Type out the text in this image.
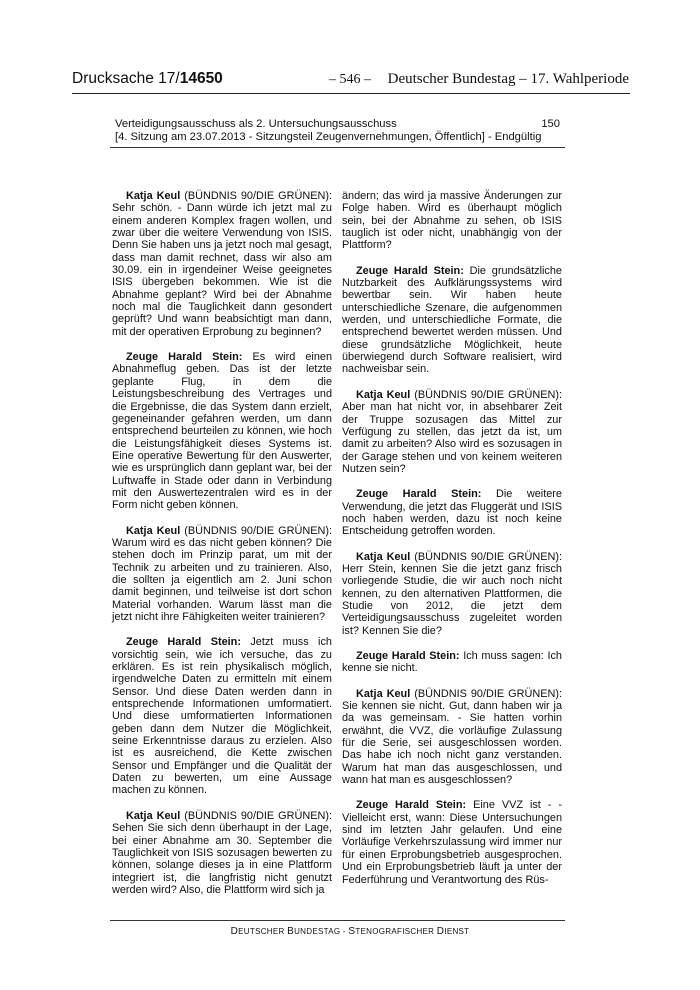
Drucksache 17/14650	– 546 –	Deutscher Bundestag – 17. Wahlperiode
Verteidigungsausschuss als 2. Untersuchungsausschuss	150
[4. Sitzung am 23.07.2013 - Sitzungsteil Zeugenvernehmungen, Öffentlich] - Endgültig

Katja Keul (BÜNDNIS 90/DIE GRÜNEN): Sehr schön. - Dann würde ich jetzt mal zu einem anderen Komplex fragen wollen, und zwar über die weitere Verwendung von ISIS. Denn Sie haben uns ja jetzt noch mal gesagt, dass man damit rechnet, dass wir also am 30.09. ein in irgendeiner Weise geeignetes ISIS übergeben bekommen. Wie ist die Abnahme geplant? Wird bei der Abnahme noch mal die Tauglichkeit dann gesondert geprüft? Und wann beabsichtigt man dann, mit der operativen Erprobung zu beginnen?

Zeuge Harald Stein: Es wird einen Abnahmeflug geben. Das ist der letzte geplante Flug, in dem die Leistungsbeschreibung des Vertrages und die Ergebnisse, die das System dann erzielt, gegeneinander gefahren werden, um dann entsprechend beurteilen zu können, wie hoch die Leistungsfähigkeit dieses Systems ist. Eine operative Bewertung für den Auswerter, wie es ursprünglich dann geplant war, bei der Luftwaffe in Stade oder dann in Verbindung mit den Auswertezentralen wird es in der Form nicht geben können.

Katja Keul (BÜNDNIS 90/DIE GRÜNEN): Warum wird es das nicht geben können? Die stehen doch im Prinzip parat, um mit der Technik zu arbeiten und zu trainieren. Also, die sollten ja eigentlich am 2. Juni schon damit beginnen, und teilweise ist dort schon Material vorhanden. Warum lässt man die jetzt nicht ihre Fähigkeiten weiter trainieren?

Zeuge Harald Stein: Jetzt muss ich vorsichtig sein, wie ich versuche, das zu erklären. Es ist rein physikalisch möglich, irgendwelche Daten zu ermitteln mit einem Sensor. Und diese Daten werden dann in entsprechende Informationen umformatiert. Und diese umformatierten Informationen geben dann dem Nutzer die Möglichkeit, seine Erkenntnisse daraus zu erzielen. Also ist es ausreichend, die Kette zwischen Sensor und Empfänger und die Qualität der Daten zu bewerten, um eine Aussage machen zu können.

Katja Keul (BÜNDNIS 90/DIE GRÜNEN): Sehen Sie sich denn überhaupt in der Lage, bei einer Abnahme am 30. September die Tauglichkeit von ISIS sozusagen bewerten zu können, solange dieses ja in eine Plattform integriert ist, die langfristig nicht genutzt werden wird? Also, die Plattform wird sich ja

ändern; das wird ja massive Änderungen zur Folge haben. Wird es überhaupt möglich sein, bei der Abnahme zu sehen, ob ISIS tauglich ist oder nicht, unabhängig von der Plattform?

Zeuge Harald Stein: Die grundsätzliche Nutzbarkeit des Aufklärungssystems wird bewertbar sein. Wir haben heute unterschiedliche Szenare, die aufgenommen werden, und unterschiedliche Formate, die entsprechend bewertet werden müssen. Und diese grundsätzliche Möglichkeit, heute überwiegend durch Software realisiert, wird nachweisbar sein.

Katja Keul (BÜNDNIS 90/DIE GRÜNEN): Aber man hat nicht vor, in absehbarer Zeit der Truppe sozusagen das Mittel zur Verfügung zu stellen, das jetzt da ist, um damit zu arbeiten? Also wird es sozusagen in der Garage stehen und von keinem weiteren Nutzen sein?

Zeuge Harald Stein: Die weitere Verwendung, die jetzt das Fluggerät und ISIS noch haben werden, dazu ist noch keine Entscheidung getroffen worden.

Katja Keul (BÜNDNIS 90/DIE GRÜNEN): Herr Stein, kennen Sie die jetzt ganz frisch vorliegende Studie, die wir auch noch nicht kennen, zu den alternativen Plattformen, die Studie von 2012, die jetzt dem Verteidigungsausschuss zugeleitet worden ist? Kennen Sie die?

Zeuge Harald Stein: Ich muss sagen: Ich kenne sie nicht.

Katja Keul (BÜNDNIS 90/DIE GRÜNEN): Sie kennen sie nicht. Gut, dann haben wir ja da was gemeinsam. - Sie hatten vorhin erwähnt, die VVZ, die vorläufige Zulassung für die Serie, sei ausgeschlossen worden. Das habe ich noch nicht ganz verstanden. Warum hat man das ausgeschlossen, und wann hat man es ausgeschlossen?

Zeuge Harald Stein: Eine VVZ ist - - Vielleicht erst, wann: Diese Untersuchungen sind im letzten Jahr gelaufen. Und eine Vorläufige Verkehrszulassung wird immer nur für einen Erprobungsbetrieb ausgesprochen. Und ein Erprobungsbetrieb läuft ja unter der Federführung und Verantwortung des Rüs-

DEUTSCHER BUNDESTAG - STENOGRAFISCHER DIENST
